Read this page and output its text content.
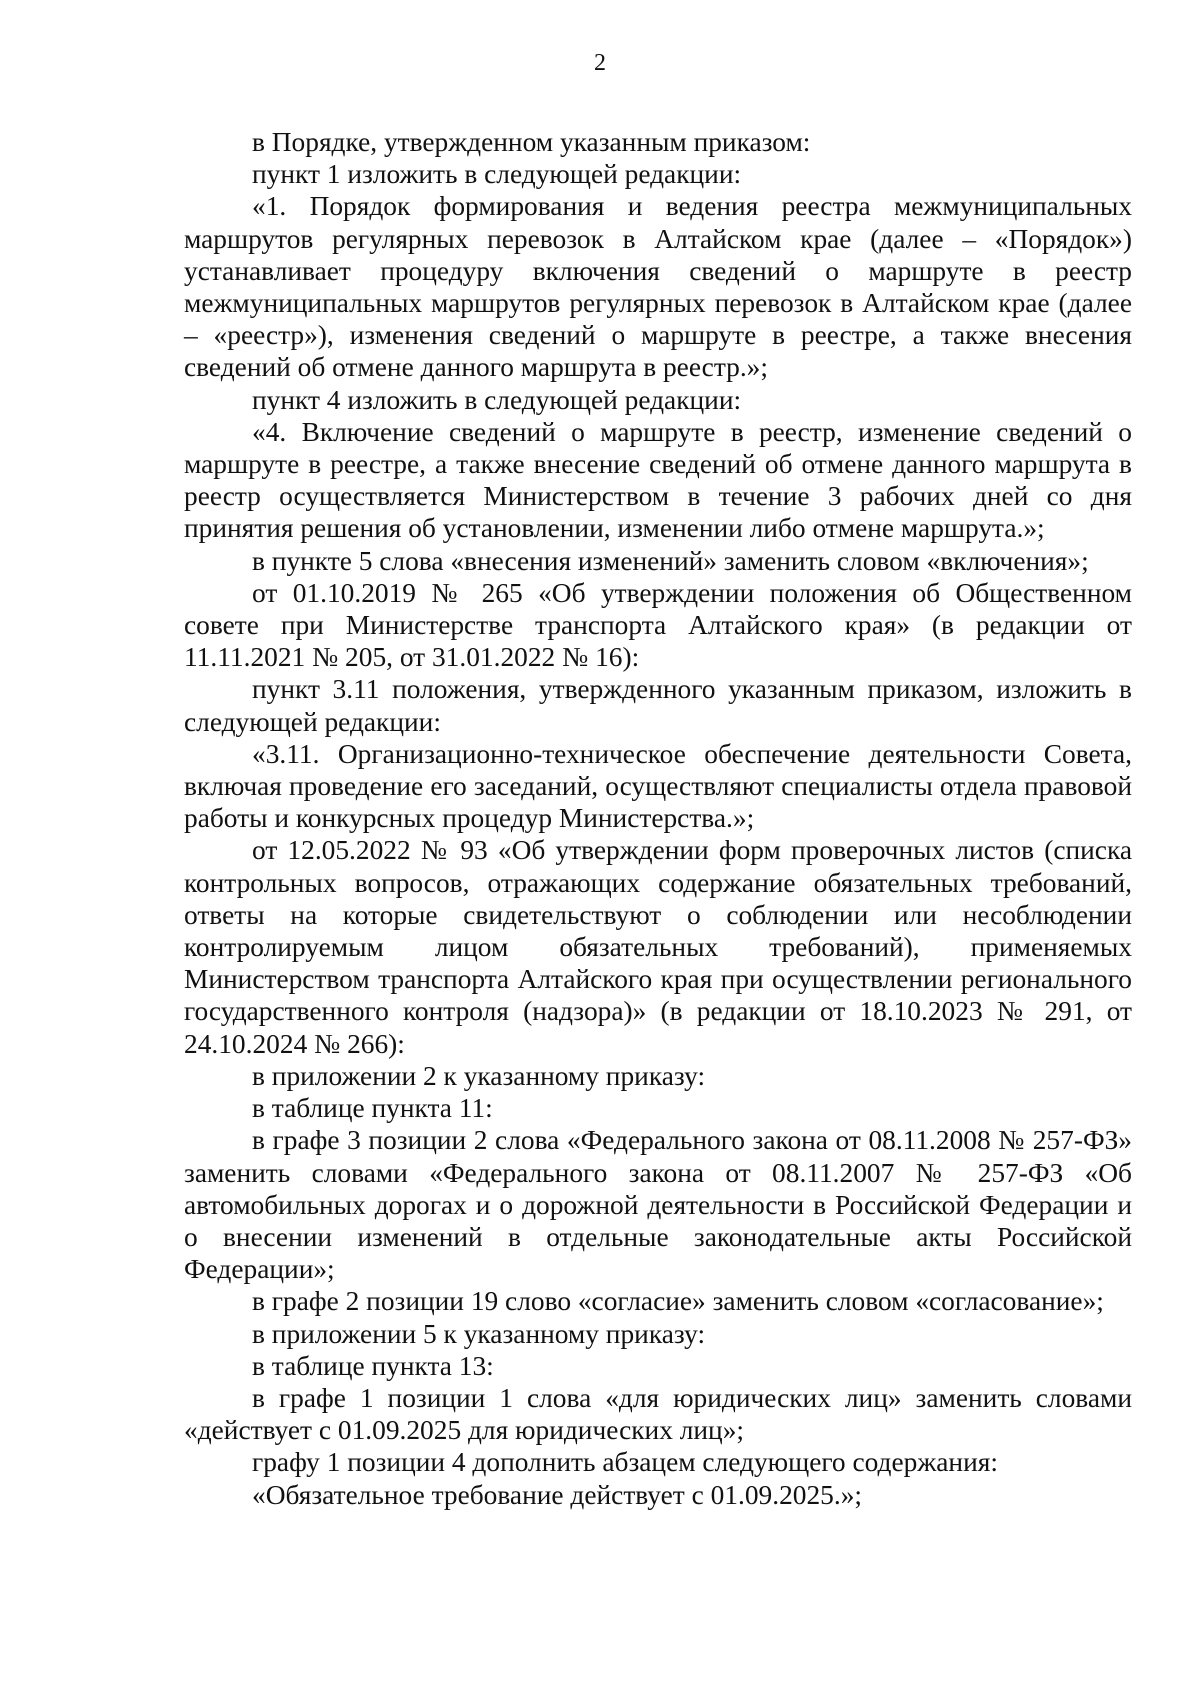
2

в Порядке, утвержденном указанным приказом:

пункт 1 изложить в следующей редакции:

«1. Порядок формирования и ведения реестра межмуниципальных маршрутов регулярных перевозок в Алтайском крае (далее – «Порядок») устанавливает процедуру включения сведений о маршруте в реестр межмуниципальных маршрутов регулярных перевозок в Алтайском крае (далее – «реестр»), изменения сведений о маршруте в реестре, а также внесения сведений об отмене данного маршрута в реестр.»;

пункт 4 изложить в следующей редакции:

«4. Включение сведений о маршруте в реестр, изменение сведений о маршруте в реестре, а также внесение сведений об отмене данного маршрута в реестр осуществляется Министерством в течение 3 рабочих дней со дня принятия решения об установлении, изменении либо отмене маршрута.»;

в пункте 5 слова «внесения изменений» заменить словом «включения»;

от 01.10.2019 № 265 «Об утверждении положения об Общественном совете при Министерстве транспорта Алтайского края» (в редакции от 11.11.2021 № 205, от 31.01.2022 № 16):

пункт 3.11 положения, утвержденного указанным приказом, изложить в следующей редакции:

«3.11. Организационно-техническое обеспечение деятельности Совета, включая проведение его заседаний, осуществляют специалисты отдела правовой работы и конкурсных процедур Министерства.»;

от 12.05.2022 № 93 «Об утверждении форм проверочных листов (списка контрольных вопросов, отражающих содержание обязательных требований, ответы на которые свидетельствуют о соблюдении или несоблюдении контролируемым лицом обязательных требований), применяемых Министерством транспорта Алтайского края при осуществлении регионального государственного контроля (надзора)» (в редакции от 18.10.2023 № 291, от 24.10.2024 № 266):

в приложении 2 к указанному приказу:

в таблице пункта 11:

в графе 3 позиции 2 слова «Федерального закона от 08.11.2008 № 257-ФЗ» заменить словами «Федерального закона от 08.11.2007 № 257-ФЗ «Об автомобильных дорогах и о дорожной деятельности в Российской Федерации и о внесении изменений в отдельные законодательные акты Российской Федерации»;

в графе 2 позиции 19 слово «согласие» заменить словом «согласование»;

в приложении 5 к указанному приказу:

в таблице пункта 13:

в графе 1 позиции 1 слова «для юридических лиц» заменить словами «действует с 01.09.2025 для юридических лиц»;

графу 1 позиции 4 дополнить абзацем следующего содержания:

«Обязательное требование действует с 01.09.2025.»;
